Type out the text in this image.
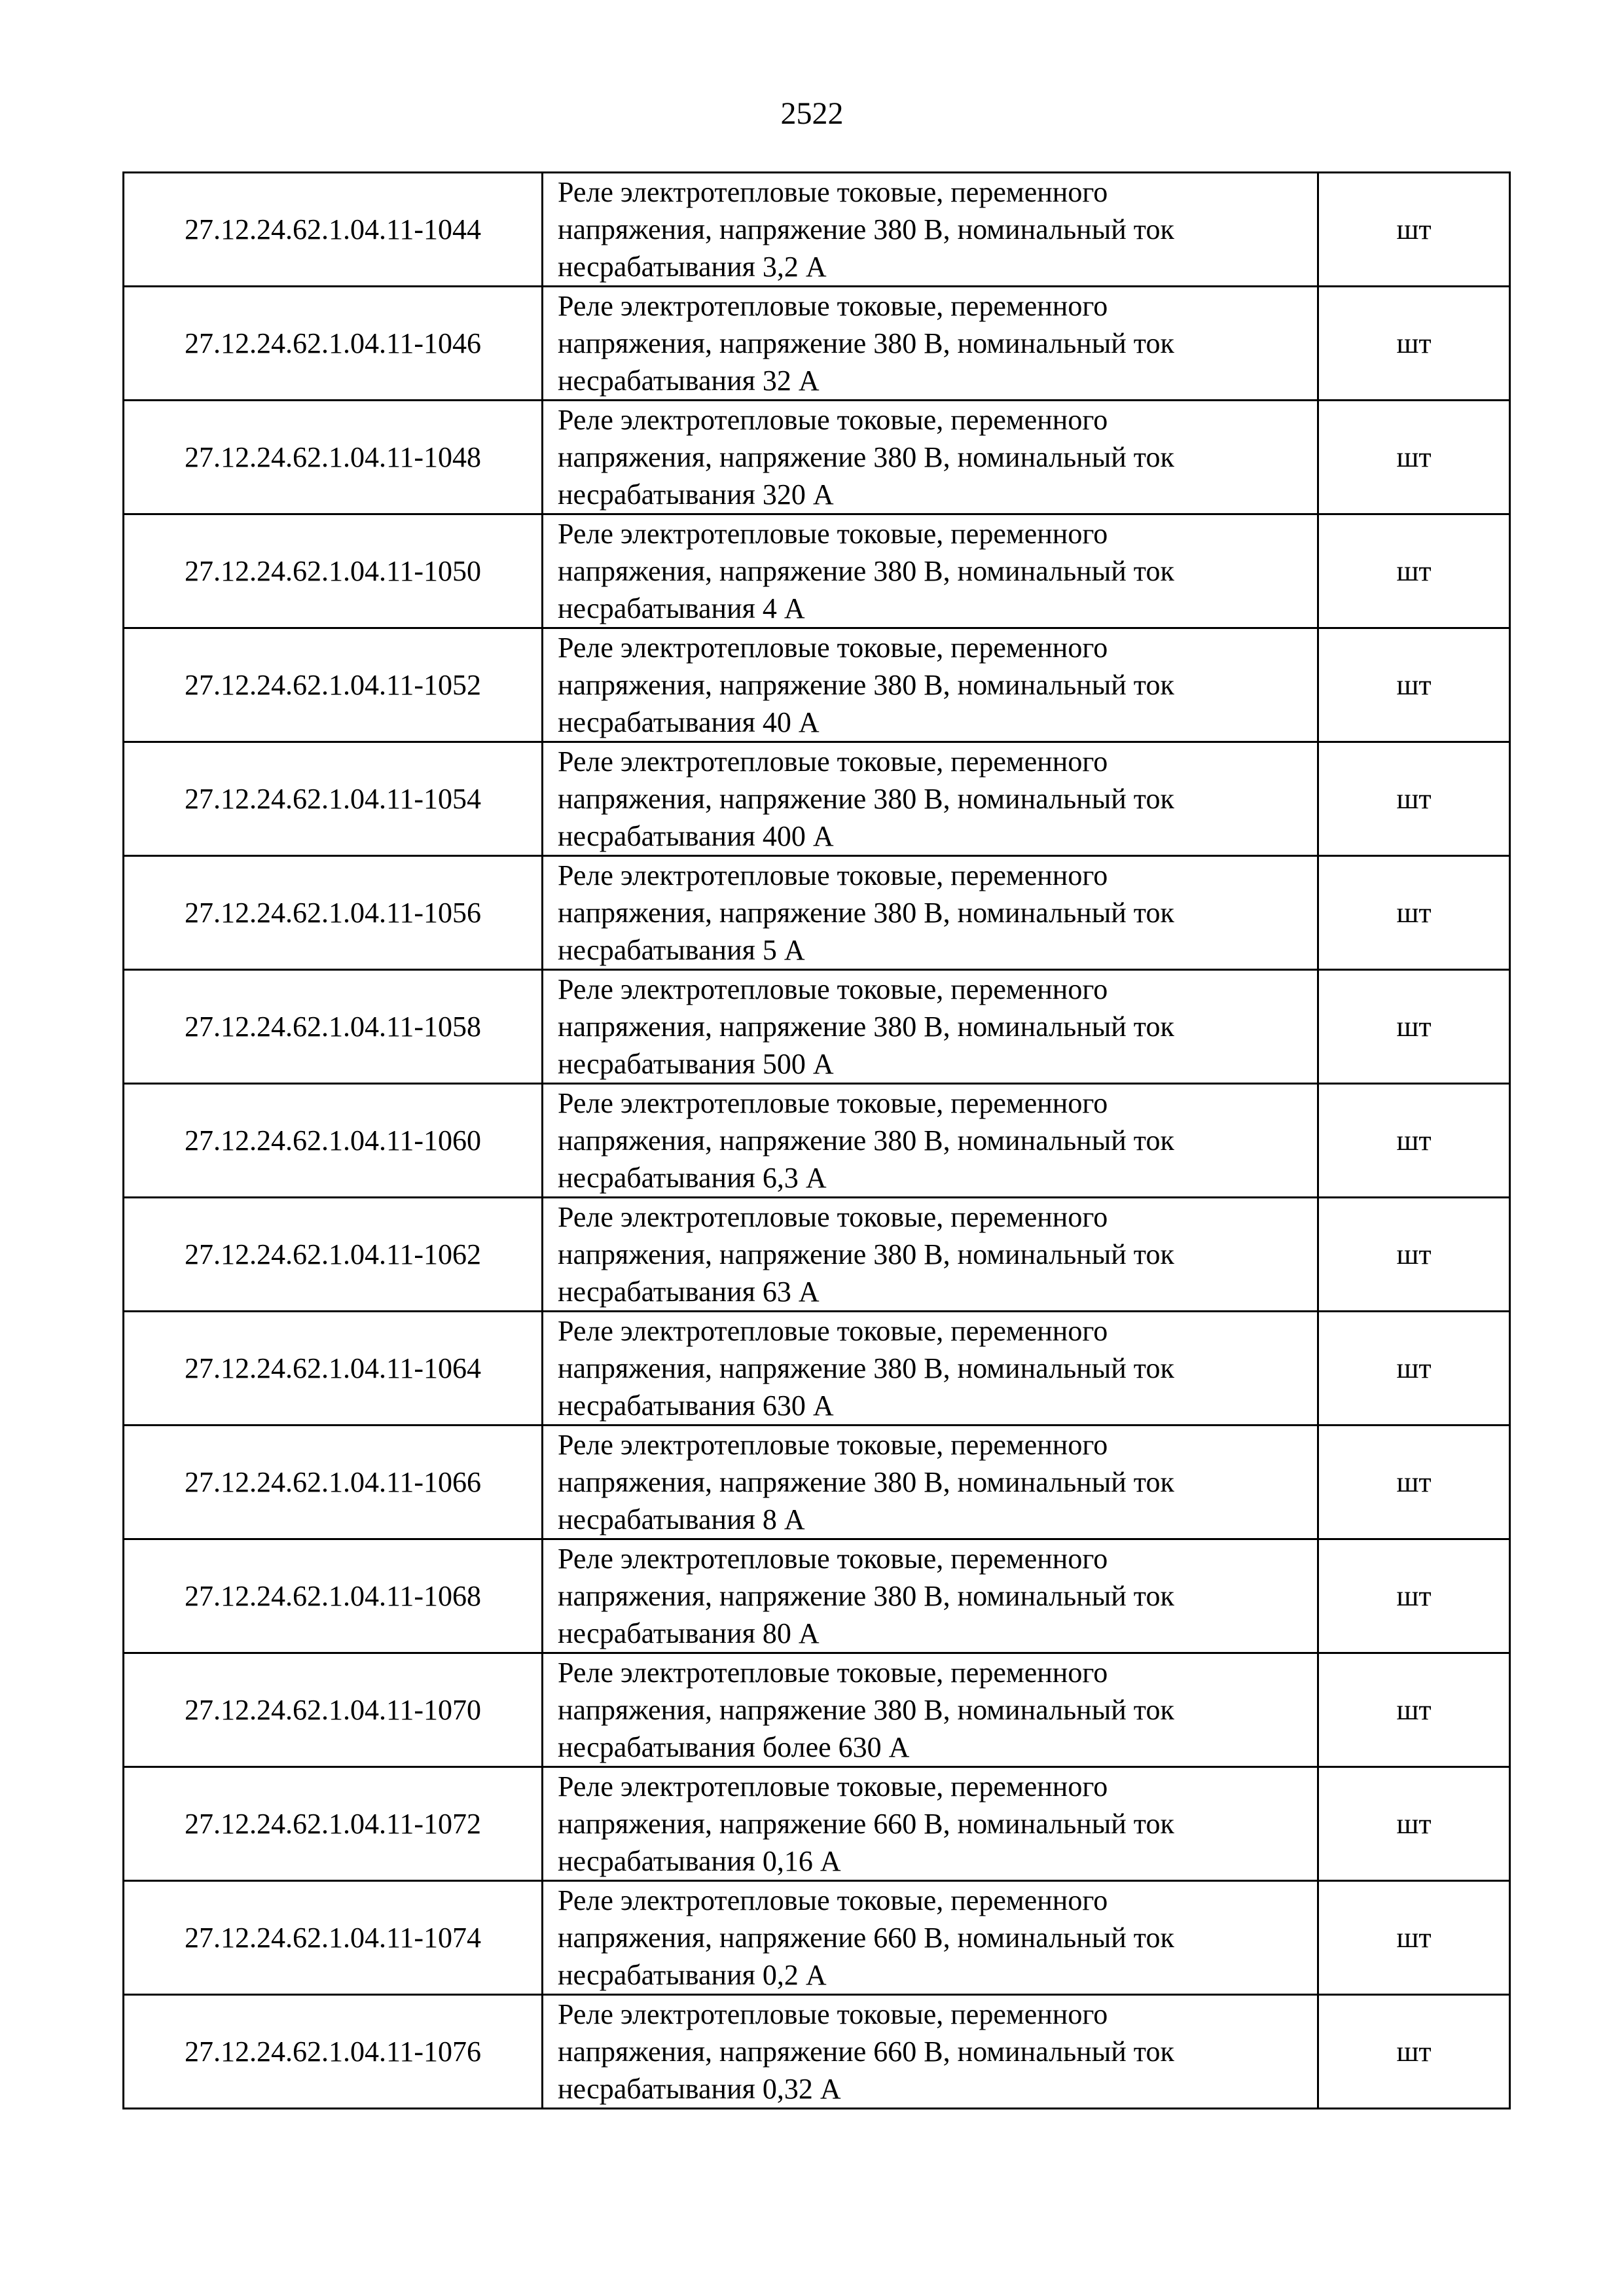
2522
27.12.24.62.1.04.11-1044	Реле электротепловые токовые, переменного
напряжения, напряжение 380 В, номинальный ток
несрабатывания 3,2 А	шт
27.12.24.62.1.04.11-1046	Реле электротепловые токовые, переменного
напряжения, напряжение 380 В, номинальный ток
несрабатывания 32 А	шт
27.12.24.62.1.04.11-1048	Реле электротепловые токовые, переменного
напряжения, напряжение 380 В, номинальный ток
несрабатывания 320 А	шт
27.12.24.62.1.04.11-1050	Реле электротепловые токовые, переменного
напряжения, напряжение 380 В, номинальный ток
несрабатывания 4 А	шт
27.12.24.62.1.04.11-1052	Реле электротепловые токовые, переменного
напряжения, напряжение 380 В, номинальный ток
несрабатывания 40 А	шт
27.12.24.62.1.04.11-1054	Реле электротепловые токовые, переменного
напряжения, напряжение 380 В, номинальный ток
несрабатывания 400 А	шт
27.12.24.62.1.04.11-1056	Реле электротепловые токовые, переменного
напряжения, напряжение 380 В, номинальный ток
несрабатывания 5 А	шт
27.12.24.62.1.04.11-1058	Реле электротепловые токовые, переменного
напряжения, напряжение 380 В, номинальный ток
несрабатывания 500 А	шт
27.12.24.62.1.04.11-1060	Реле электротепловые токовые, переменного
напряжения, напряжение 380 В, номинальный ток
несрабатывания 6,3 А	шт
27.12.24.62.1.04.11-1062	Реле электротепловые токовые, переменного
напряжения, напряжение 380 В, номинальный ток
несрабатывания 63 А	шт
27.12.24.62.1.04.11-1064	Реле электротепловые токовые, переменного
напряжения, напряжение 380 В, номинальный ток
несрабатывания 630 А	шт
27.12.24.62.1.04.11-1066	Реле электротепловые токовые, переменного
напряжения, напряжение 380 В, номинальный ток
несрабатывания 8 А	шт
27.12.24.62.1.04.11-1068	Реле электротепловые токовые, переменного
напряжения, напряжение 380 В, номинальный ток
несрабатывания 80 А	шт
27.12.24.62.1.04.11-1070	Реле электротепловые токовые, переменного
напряжения, напряжение 380 В, номинальный ток
несрабатывания более 630 А	шт
27.12.24.62.1.04.11-1072	Реле электротепловые токовые, переменного
напряжения, напряжение 660 В, номинальный ток
несрабатывания 0,16 А	шт
27.12.24.62.1.04.11-1074	Реле электротепловые токовые, переменного
напряжения, напряжение 660 В, номинальный ток
несрабатывания 0,2 А	шт
27.12.24.62.1.04.11-1076	Реле электротепловые токовые, переменного
напряжения, напряжение 660 В, номинальный ток
несрабатывания 0,32 А	шт
